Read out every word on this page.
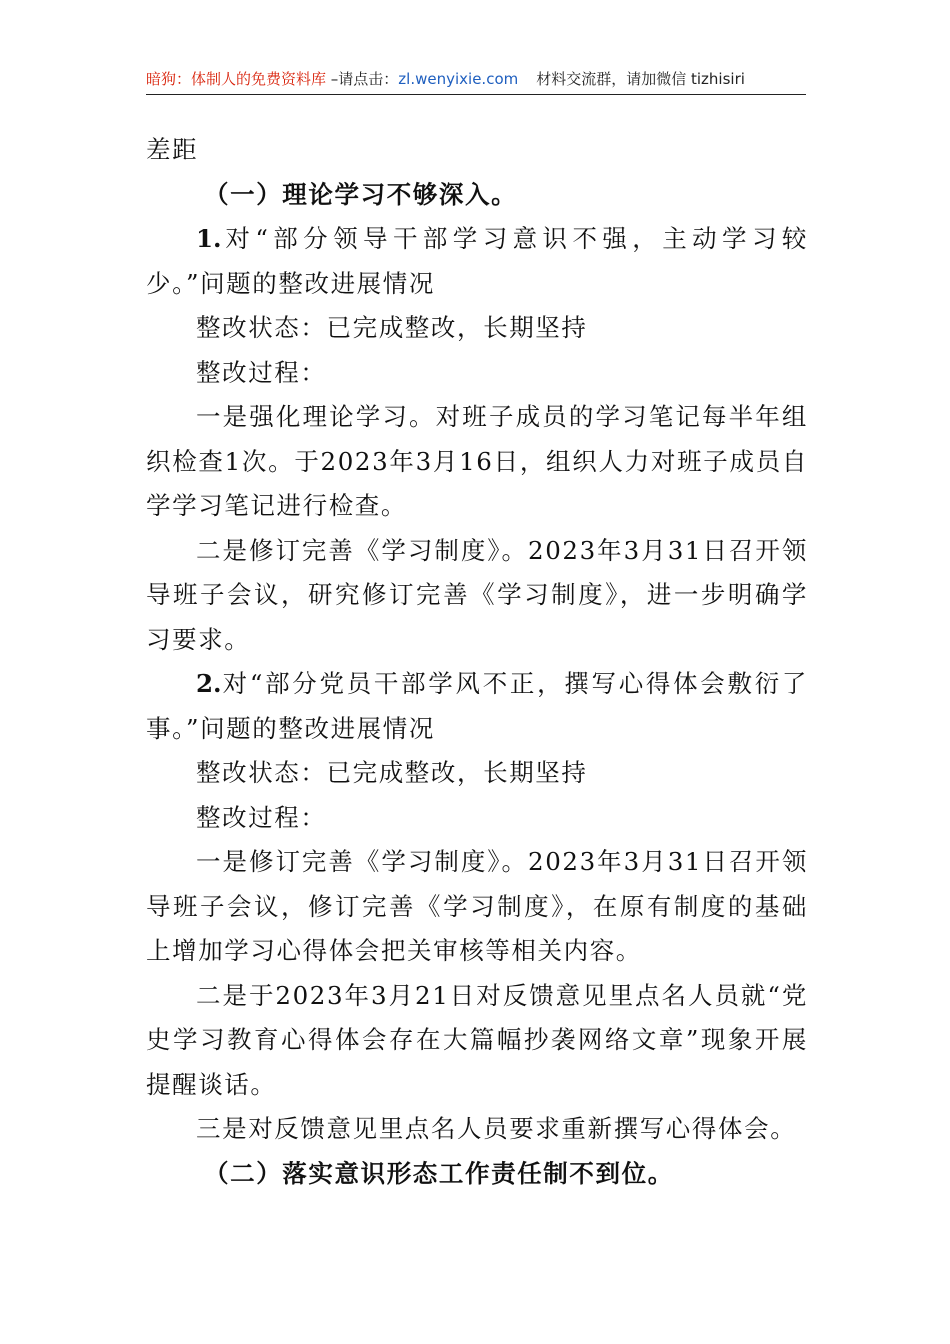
暗狗：体制人的免费资料库 –请点击：zl.wenyixie.com 材料交流群，请加微信 tizhisiri

差距

（一）理论学习不够深入。

1.对“部分领导干部学习意识不强，主动学习较少。”问题的整改进展情况

整改状态：已完成整改，长期坚持

整改过程：

一是强化理论学习。对班子成员的学习笔记每半年组织检查1次。于2023年3月16日，组织人力对班子成员自学学习笔记进行检查。

二是修订完善《学习制度》。2023年3月31日召开领导班子会议，研究修订完善《学习制度》，进一步明确学习要求。

2.对“部分党员干部学风不正，撰写心得体会敷衍了事。”问题的整改进展情况

整改状态：已完成整改，长期坚持

整改过程：

一是修订完善《学习制度》。2023年3月31日召开领导班子会议，修订完善《学习制度》，在原有制度的基础上增加学习心得体会把关审核等相关内容。

二是于2023年3月21日对反馈意见里点名人员就“党史学习教育心得体会存在大篇幅抄袭网络文章”现象开展提醒谈话。

三是对反馈意见里点名人员要求重新撰写心得体会。

（二）落实意识形态工作责任制不到位。
